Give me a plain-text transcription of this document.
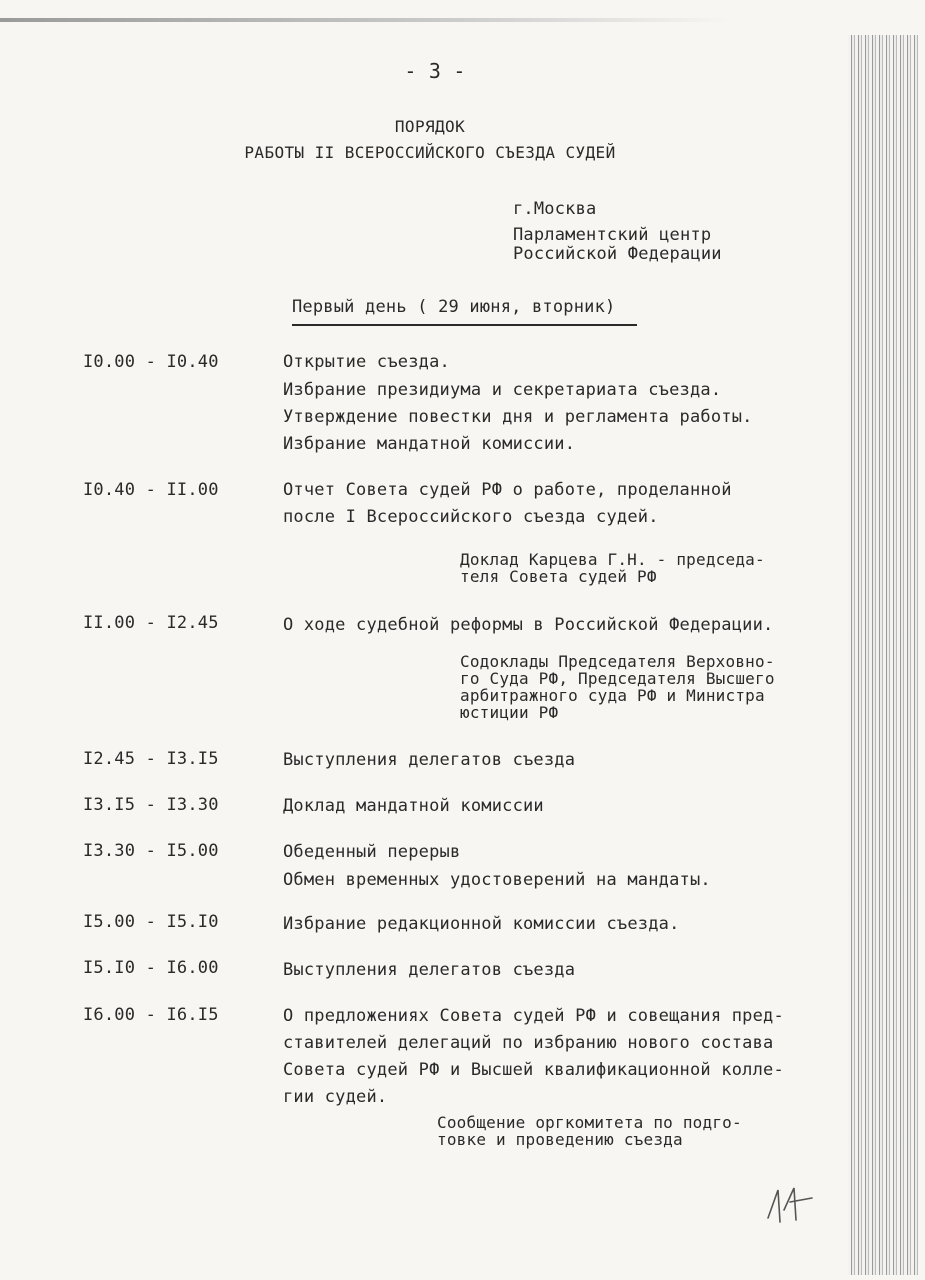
- 3 -
ПОРЯДОК
РАБОТЫ II ВСЕРОССИЙСКОГО СЪЕЗДА СУДЕЙ
г.Москва
Парламентский центр
Российской Федерации
Первый день ( 29 июня, вторник)
I0.00 - I0.40	Открытие съезда.
Избрание президиума и секретариата съезда.
Утверждение повестки дня и регламента работы.
Избрание мандатной комиссии.
I0.40 - II.00	Отчет Совета судей РФ о работе, проделанной
после I Всероссийского съезда судей.
Доклад Карцева Г.Н. - председа-
теля Совета судей РФ
II.00 - I2.45	О ходе судебной реформы в Российской Федерации.
Содоклады Председателя Верховно-
го Суда РФ, Председателя Высшего
арбитражного суда РФ и Министра
юстиции РФ
I2.45 - I3.I5	Выступления делегатов съезда
I3.I5 - I3.30	Доклад мандатной комиссии
I3.30 - I5.00	Обеденный перерыв
Обмен временных удостоверений на мандаты.
I5.00 - I5.I0	Избрание редакционной комиссии съезда.
I5.I0 - I6.00	Выступления делегатов съезда
I6.00 - I6.I5	О предложениях Совета судей РФ и совещания пред-
ставителей делегаций по избранию нового состава
Совета судей РФ и Высшей квалификационной колле-
гии судей.
Сообщение оргкомитета по подго-
товке и проведению съезда
